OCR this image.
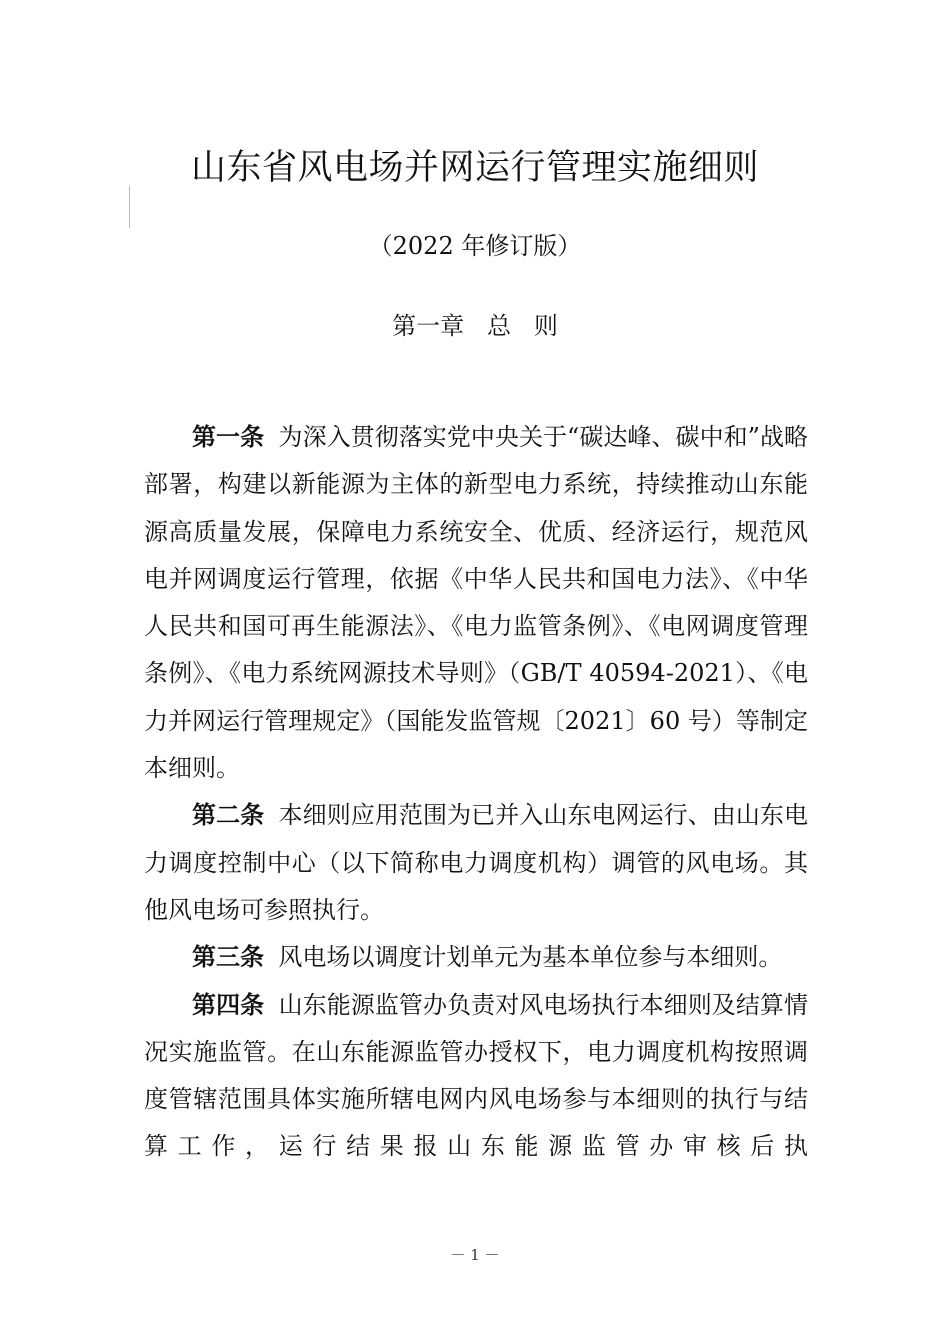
山东省风电场并网运行管理实施细则
（2022 年修订版）
第一章   总   则

第一条 为深入贯彻落实党中央关于“碳达峰、碳中和”战略部署，构建以新能源为主体的新型电力系统，持续推动山东能源高质量发展，保障电力系统安全、优质、经济运行，规范风电并网调度运行管理，依据《中华人民共和国电力法》、《中华人民共和国可再生能源法》、《电力监管条例》、《电网调度管理条例》、《电力系统网源技术导则》（GB/T 40594-2021）、《电力并网运行管理规定》（国能发监管规〔2021〕60 号）等制定本细则。

第二条 本细则应用范围为已并入山东电网运行、由山东电力调度控制中心（以下简称电力调度机构）调管的风电场。其他风电场可参照执行。

第三条 风电场以调度计划单元为基本单位参与本细则。

第四条 山东能源监管办负责对风电场执行本细则及结算情况实施监管。在山东能源监管办授权下，电力调度机构按照调度管辖范围具体实施所辖电网内风电场参与本细则的执行与结算工作，运行结果报山东能源监管办审核后执

－ 1 －
